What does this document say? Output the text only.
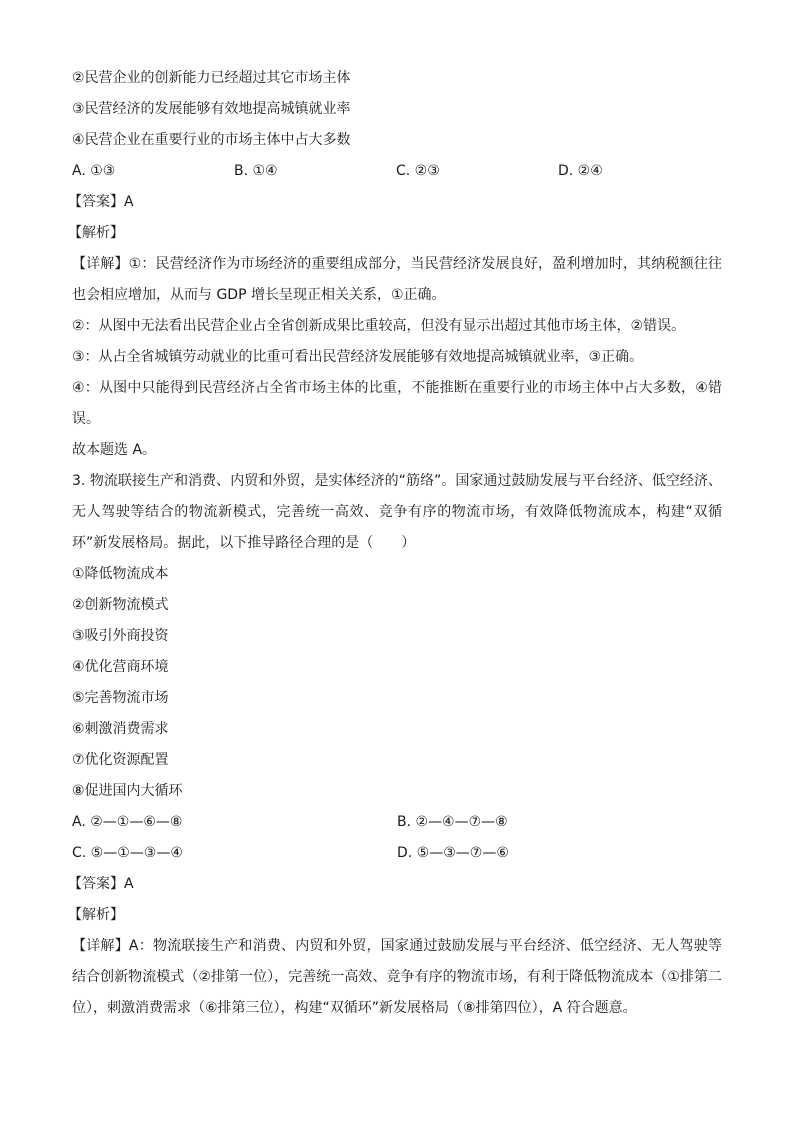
②民营企业的创新能力已经超过其它市场主体
③民营经济的发展能够有效地提高城镇就业率
④民营企业在重要行业的市场主体中占大多数
A. ①③	B. ①④	C. ②③	D. ②④
【答案】A
【解析】
【详解】①：民营经济作为市场经济的重要组成部分，当民营经济发展良好，盈利增加时，其纳税额往往也会相应增加，从而与 GDP 增长呈现正相关关系，①正确。
②：从图中无法看出民营企业占全省创新成果比重较高，但没有显示出超过其他市场主体，②错误。
③：从占全省城镇劳动就业的比重可看出民营经济发展能够有效地提高城镇就业率，③正确。
④：从图中只能得到民营经济占全省市场主体的比重，不能推断在重要行业的市场主体中占大多数，④错误。
故本题选 A。
3. 物流联接生产和消费、内贸和外贸，是实体经济的“筋络”。国家通过鼓励发展与平台经济、低空经济、无人驾驶等结合的物流新模式，完善统一高效、竞争有序的物流市场，有效降低物流成本，构建“双循环”新发展格局。据此，以下推导路径合理的是（　　）
①降低物流成本
②创新物流模式
③吸引外商投资
④优化营商环境
⑤完善物流市场
⑥刺激消费需求
⑦优化资源配置
⑧促进国内大循环
A. ②—①—⑥—⑧	B. ②—④—⑦—⑧
C. ⑤—①—③—④	D. ⑤—③—⑦—⑥
【答案】A
【解析】
【详解】A：物流联接生产和消费、内贸和外贸，国家通过鼓励发展与平台经济、低空经济、无人驾驶等结合创新物流模式（②排第一位），完善统一高效、竞争有序的物流市场，有利于降低物流成本（①排第二位），刺激消费需求（⑥排第三位），构建“双循环”新发展格局（⑧排第四位），A 符合题意。
